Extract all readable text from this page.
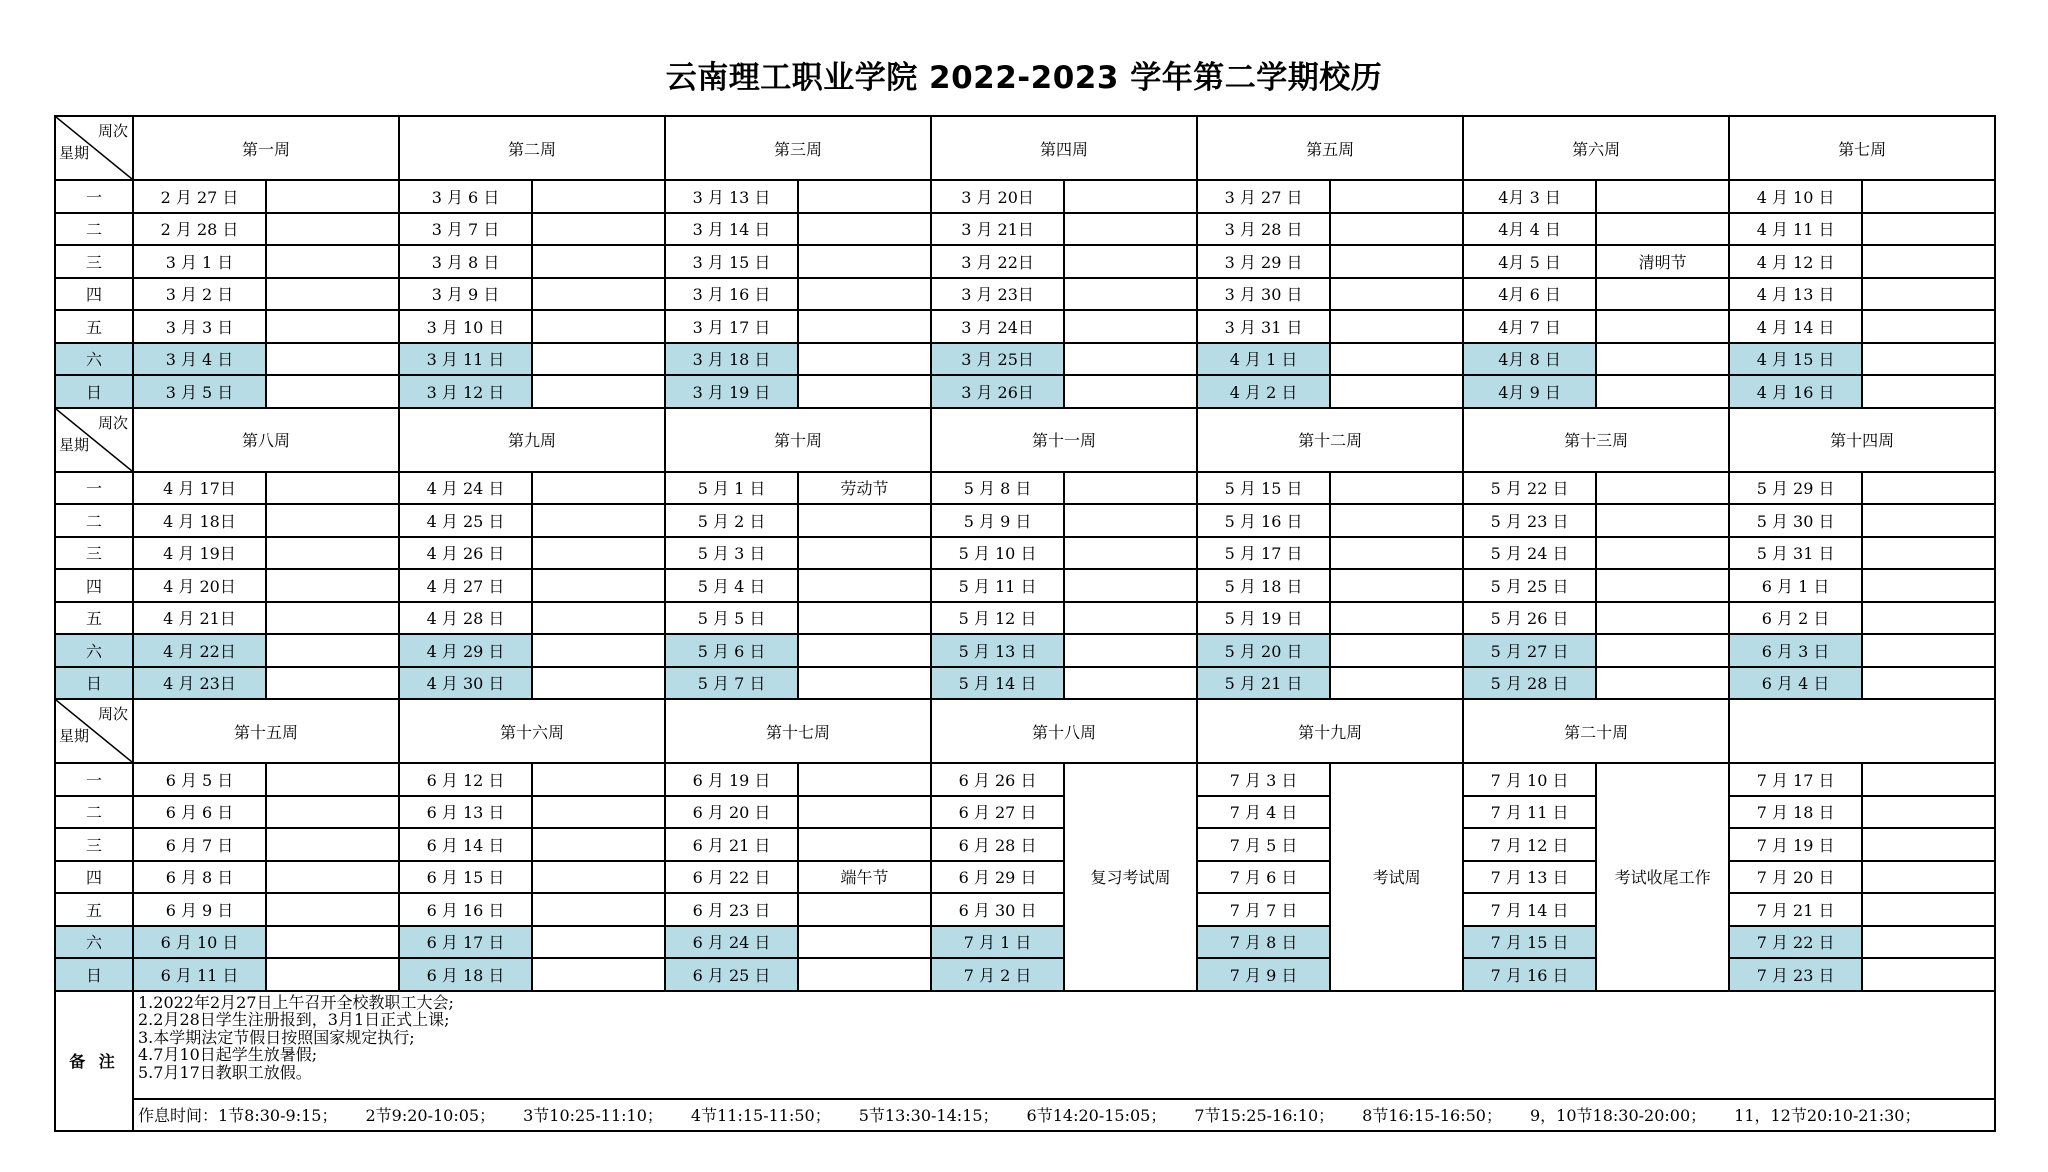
云南理工职业学院 2022-2023 学年第二学期校历
周次
星期	第一周		第二周		第三周		第四周		第五周		第六周		第七周	
一	2 月 27 日		3 月 6 日		3 月 13 日		3 月 20日		3 月 27 日		4月 3 日		4 月 10 日	
二	2 月 28 日		3 月 7 日		3 月 14 日		3 月 21日		3 月 28 日		4月 4 日		4 月 11 日	
三	3 月 1 日		3 月 8 日		3 月 15 日		3 月 22日		3 月 29 日		4月 5 日	清明节	4 月 12 日	
四	3 月 2 日		3 月 9 日		3 月 16 日		3 月 23日		3 月 30 日		4月 6 日		4 月 13 日	
五	3 月 3 日		3 月 10 日		3 月 17 日		3 月 24日		3 月 31 日		4月 7 日		4 月 14 日	
六	3 月 4 日		3 月 11 日		3 月 18 日		3 月 25日		4 月 1 日		4月 8 日		4 月 15 日	
日	3 月 5 日		3 月 12 日		3 月 19 日		3 月 26日		4 月 2 日		4月 9 日		4 月 16 日	

周次
星期	第八周		第九周		第十周		第十一周		第十二周		第十三周		第十四周	
一	4 月 17日		4 月 24 日		5 月 1 日	劳动节	5 月 8 日		5 月 15 日		5 月 22 日		5 月 29 日	
二	4 月 18日		4 月 25 日		5 月 2 日		5 月 9 日		5 月 16 日		5 月 23 日		5 月 30 日	
三	4 月 19日		4 月 26 日		5 月 3 日		5 月 10 日		5 月 17 日		5 月 24 日		5 月 31 日	
四	4 月 20日		4 月 27 日		5 月 4 日		5 月 11 日		5 月 18 日		5 月 25 日		6 月 1 日	
五	4 月 21日		4 月 28 日		5 月 5 日		5 月 12 日		5 月 19 日		5 月 26 日		6 月 2 日	
六	4 月 22日		4 月 29 日		5 月 6 日		5 月 13 日		5 月 20 日		5 月 27 日		6 月 3 日	
日	4 月 23日		4 月 30 日		5 月 7 日		5 月 14 日		5 月 21 日		5 月 28 日		6 月 4 日	

周次
星期	第十五周		第十六周		第十七周		第十八周		第十九周		第二十周			
一	6 月 5 日		6 月 12 日		6 月 19 日		6 月 26 日	复习考试周	7 月 3 日	考试周	7 月 10 日	考试收尾工作	7 月 17 日	
二	6 月 6 日		6 月 13 日		6 月 20 日		6 月 27 日		7 月 4 日		7 月 11 日		7 月 18 日	
三	6 月 7 日		6 月 14 日		6 月 21 日		6 月 28 日		7 月 5 日		7 月 12 日		7 月 19 日	
四	6 月 8 日		6 月 15 日		6 月 22 日	端午节	6 月 29 日		7 月 6 日		7 月 13 日		7 月 20 日	
五	6 月 9 日		6 月 16 日		6 月 23 日		6 月 30 日		7 月 7 日		7 月 14 日		7 月 21 日	
六	6 月 10 日		6 月 17 日		6 月 24 日		7 月 1 日		7 月 8 日		7 月 15 日		7 月 22 日	
日	6 月 11 日		6 月 18 日		6 月 25 日		7 月 2 日		7 月 9 日		7 月 16 日		7 月 23 日	
备 注	1.2022年2月27日上午召开全校教职工大会;
2.2月28日学生注册报到，3月1日正式上课;
3.本学期法定节假日按照国家规定执行;
4.7月10日起学生放暑假;
5.7月17日教职工放假。													

	作息时间：1节8:30-9:15； 2节9:20-10:05； 3节10:25-11:10； 4节11:15-11:50； 5节13:30-14:15； 6节14:20-15:05； 7节15:25-16:10； 8节16:15-16:50； 9，10节18:30-20:00； 11，12节20:10-21:30；													
